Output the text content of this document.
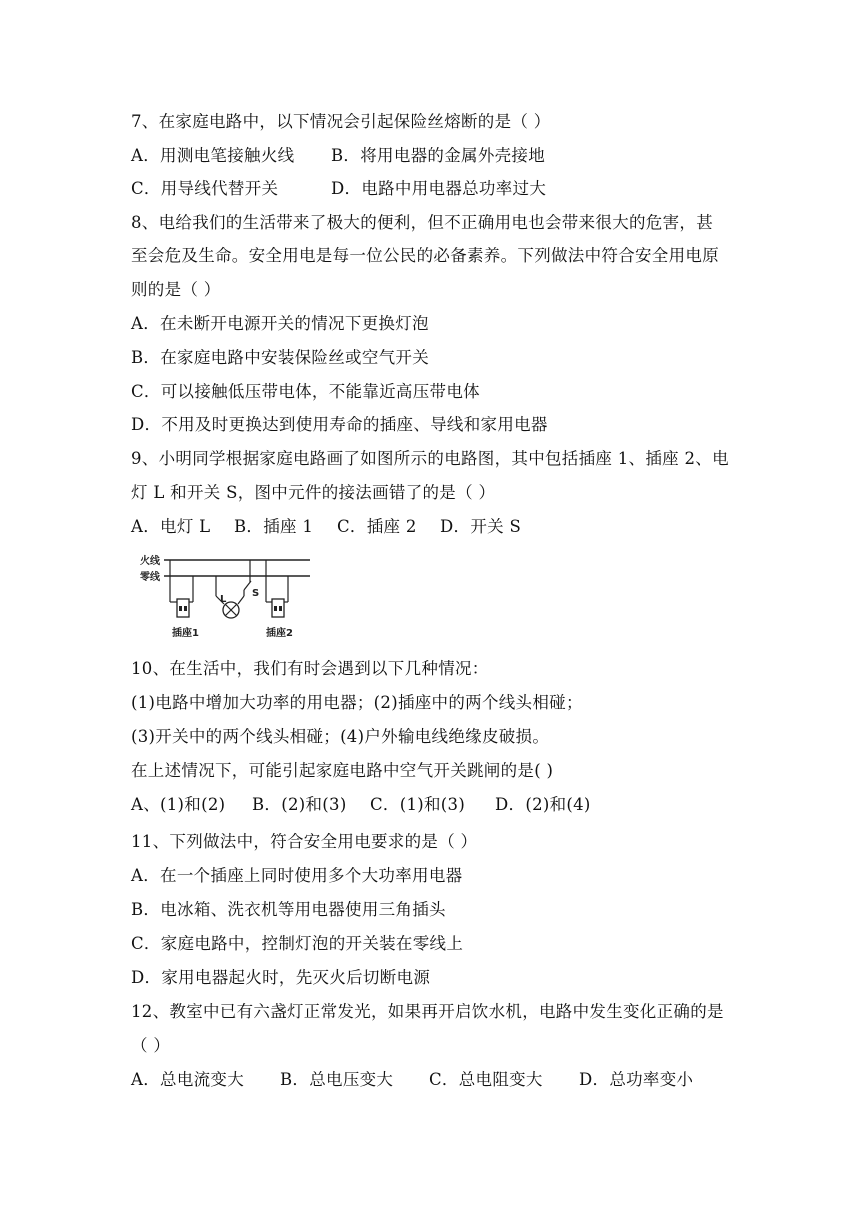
7、在家庭电路中，以下情况会引起保险丝熔断的是（ ）
A．用测电笔接触火线	B．将用电器的金属外壳接地
C．用导线代替开关	D．电路中用电器总功率过大
8、电给我们的生活带来了极大的便利，但不正确用电也会带来很大的危害，甚
至会危及生命。安全用电是每一位公民的必备素养。下列做法中符合安全用电原
则的是（ ）
A．在未断开电源开关的情况下更换灯泡
B．在家庭电路中安装保险丝或空气开关
C．可以接触低压带电体，不能靠近高压带电体
D．不用及时更换达到使用寿命的插座、导线和家用电器
9、小明同学根据家庭电路画了如图所示的电路图，其中包括插座 1、插座 2、电
灯 L 和开关 S，图中元件的接法画错了的是（ ）
A．电灯 L	B．插座 1	C．插座 2	D．开关 S
火线
零线
插座1
L
S
插座2
10、在生活中，我们有时会遇到以下几种情况：
(1)电路中增加大功率的用电器；(2)插座中的两个线头相碰；
(3)开关中的两个线头相碰；(4)户外输电线绝缘皮破损。
在上述情况下，可能引起家庭电路中空气开关跳闸的是( )
A、(1)和(2)	B．(2)和(3)	C．(1)和(3)	D．(2)和(4)
11、下列做法中，符合安全用电要求的是（ ）
A．在一个插座上同时使用多个大功率用电器
B．电冰箱、洗衣机等用电器使用三角插头
C．家庭电路中，控制灯泡的开关装在零线上
D．家用电器起火时，先灭火后切断电源
12、教室中已有六盏灯正常发光，如果再开启饮水机，电路中发生变化正确的是
（ ）
A．总电流变大	B．总电压变大	C．总电阻变大	D．总功率变小
